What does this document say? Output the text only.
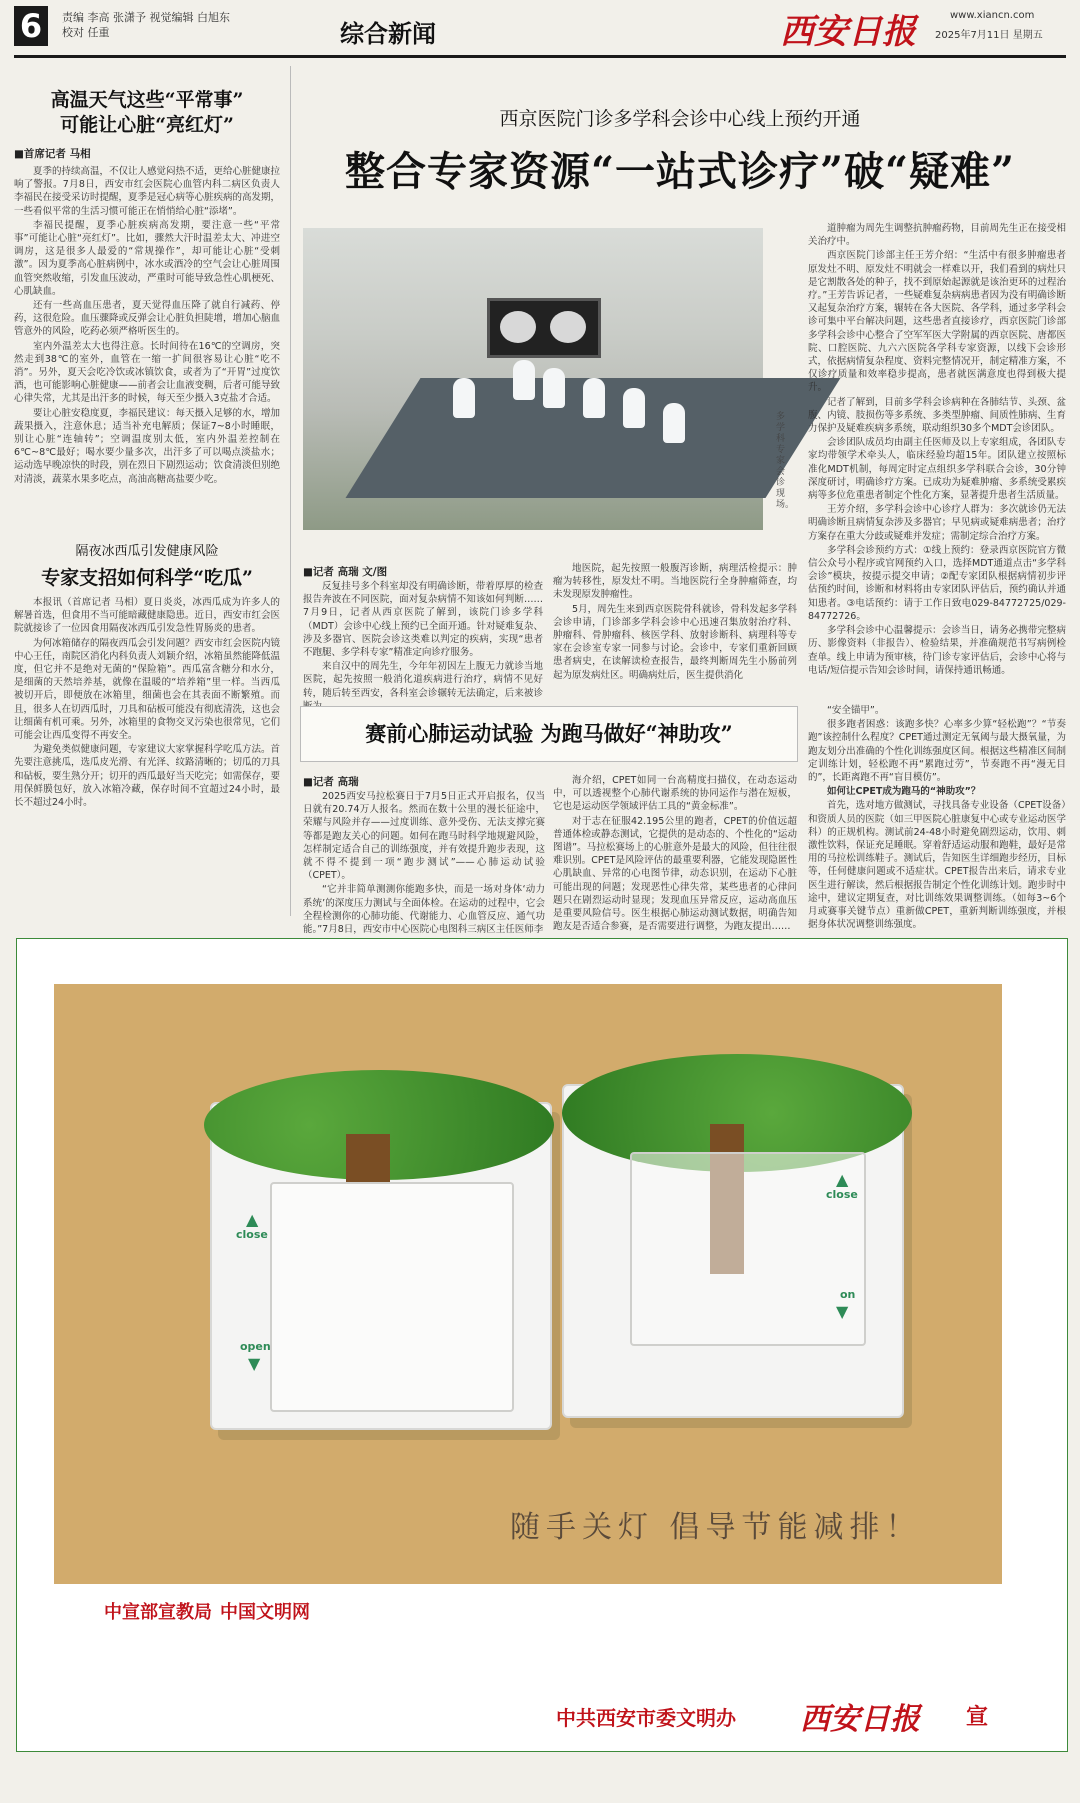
6	责编 李高 张潇予 视觉编辑 白旭东
校对 任重	综合新闻	西安日报	www.xiancn.com
2025年7月11日 星期五
高温天气这些“平常事”
可能让心脏“亮红灯”
■首席记者 马相

夏季的持续高温，不仅让人感觉闷热不适，更给心脏健康拉响了警报。7月8日，西安市红会医院心血管内科二病区负责人李福民在接受采访时提醒，夏季是冠心病等心脏疾病的高发期，一些看似平常的生活习惯可能正在悄悄给心脏“添堵”。

李福民提醒，夏季心脏疾病高发期，要注意一些“平常事”可能让心脏“亮红灯”。比如，骤然大汗时温差太大、冲进空调房，这是很多人最爱的“常规操作”，却可能让心脏“受刺激”。因为夏季高心脏病例中，冰水或酒冷的空气会让心脏周围血管突然收缩，引发血压波动，严重时可能导致急性心肌梗死、心肌缺血。

还有一些高血压患者，夏天觉得血压降了就自行减药、停药，这很危险。血压骤降或反弹会让心脏负担陡增，增加心脑血管意外的风险，吃药必须严格听医生的。

室内外温差太大也得注意。长时间待在16℃的空调房，突然走到38℃的室外，血管在一缩一扩间很容易让心脏“吃不消”。另外，夏天会吃冷饮或冰镇饮食，或者为了“开胃”过度饮酒，也可能影响心脏健康——前者会让血液变稠，后者可能导致心律失常，尤其是出汗多的时候，每天至少摄入3克盐才合适。

要让心脏安稳度夏，李福民建议：每天摄入足够的水，增加蔬果摄入，注意休息；适当补充电解质；保证7~8小时睡眠，别让心脏“连轴转”；空调温度别太低，室内外温差控制在6℃~8℃最好；喝水要少量多次，出汗多了可以喝点淡盐水；运动选早晚凉快的时段，别在烈日下剧烈运动；饮食清淡但别绝对清淡，蔬菜水果多吃点，高油高糖高盐要少吃。

隔夜冰西瓜引发健康风险
专家支招如何科学“吃瓜”

本报讯（首席记者 马相）夏日炎炎，冰西瓜成为许多人的解暑首选，但食用不当可能暗藏健康隐患。近日，西安市红会医院就接诊了一位因食用隔夜冰西瓜引发急性胃肠炎的患者。

为何冰箱储存的隔夜西瓜会引发问题？西安市红会医院内镜中心王任，南院区消化内科负责人刘颖介绍，冰箱虽然能降低温度，但它并不是绝对无菌的“保险箱”。西瓜富含糖分和水分，是细菌的天然培养基，就像在温暖的“培养箱”里一样。当西瓜被切开后，即便放在冰箱里，细菌也会在其表面不断繁殖。而且，很多人在切西瓜时，刀具和砧板可能没有彻底清洗，这也会让细菌有机可乘。另外，冰箱里的食物交叉污染也很常见，它们可能会让西瓜变得不再安全。

为避免类似健康问题，专家建议大家掌握科学吃瓜方法。首先要注意挑瓜，选瓜皮光滑、有光泽、纹路清晰的；切瓜的刀具和砧板，要生熟分开；切开的西瓜最好当天吃完；如需保存，要用保鲜膜包好，放入冰箱冷藏，保存时间不宜超过24小时，最长不超过24小时。

西京医院门诊多学科会诊中心线上预约开通
整合专家资源“一站式诊疗”破“疑难”
多学科专家会诊现场。
■记者 高瑞 文/图

反复挂号多个科室却没有明确诊断，带着厚厚的检查报告奔波在不同医院，面对复杂病情不知该如何判断……7月9日，记者从西京医院了解到，该院门诊多学科（MDT）会诊中心线上预约已全面开通。针对疑难复杂、涉及多器官、医院会诊这类难以判定的疾病，实现“患者不跑腿、多学科专家”精准定向诊疗服务。

来自汉中的周先生，今年年初因左上腹无力就诊当地医院，起先按照一般消化道疾病进行治疗，病情不见好转，随后转至西安，各科室会诊辗转无法确定，后来被诊

地医院，起先按照一般腹泻诊断，病理活检提示：肿瘤为转移性，原发灶不明。当地医院行全身肿瘤筛查，均未发现原发肿瘤性。

5月，周先生来到西京医院骨科就诊，骨科发起多学科会诊申请，门诊部多学科会诊中心迅速召集放射治疗科、肿瘤科、骨肿瘤科、核医学科、放射诊断科、病理科等专家在会诊室专家一同参与讨论。会诊中，专家们重新回顾患者病史，在读解读检查报告，最终判断周先生小肠前列起为原发病灶区。明确病灶后，医生提供消化

道肿瘤为周先生调整抗肿瘤药物，目前周先生正在接受相关治疗中。

西京医院门诊部主任王芳介绍：“生活中有很多肿瘤患者原发灶不明、原发灶不明就会一样难以开，我们看到的病灶只是它割散各处的种子，找不到原始起源就是该治更环的过程治疗。”王芳告诉记者，一些疑难复杂病病患者因为没有明确诊断又起复杂治疗方案，辗转在各大医院、各学科，通过多学科会诊可集中平台解决问题，这些患者直接诊疗，西京医院门诊部多学科会诊中心整合了空军军医大学附属的西京医院、唐都医院、口腔医院、九六六医院各学科专家资源，以线下会诊形式，依据病情复杂程度、资料完整情况开，制定精准方案，不仅诊疗质量和效率稳步提高，患者就医满意度也得到极大提升。

记者了解到，目前多学科会诊病种在各肺结节、头颈、盆腹、内镜、肢损伤等多系统、多类型肿瘤、间质性肺病、生育力保护及疑难疾病多系统，联动组织30多个MDT会诊团队。

会诊团队成员均由副主任医师及以上专家组成，各团队专家均带领学术牵头人，临床经验均超15年。团队建立按照标准化MDT机制，每周定时定点组织多学科联合会诊，30分钟深度研讨，明确诊疗方案。已成功为疑难肿瘤、多系统受累疾病等多位危重患者制定个性化方案，显著提升患者生活质量。

王芳介绍，多学科会诊中心诊疗人群为：多次就诊仍无法明确诊断且病情复杂涉及多器官；早见病或疑难病患者；治疗方案存在重大分歧或疑难并发症；需制定综合治疗方案。

多学科会诊预约方式：①线上预约：登录西京医院官方微信公众号小程序或官网预约入口，选择MDT通道点击“多学科会诊”模块，按提示提交申请；②配专家团队根据病情初步评估预约时间，诊断和材料将由专家团队评估后，预约确认并通知患者。③电话预约：请于工作日致电029-84772725/029-84772726。

多学科会诊中心温馨提示：会诊当日，请务必携带完整病历、影像资料（非报告）、检验结果，并准确规范书写病例检查单。线上申请为预审核，待门诊专家评估后，会诊中心将与电话/短信提示告知会诊时间，请保持通讯畅通。

赛前心肺运动试验 为跑马做好“神助攻”
■记者 高瑞

2025西安马拉松赛日于7月5日正式开启报名，仅当日就有20.74万人报名。然而在数十公里的漫长征途中，荣耀与风险并存——过度训练、意外受伤、无法支撑完赛等都是跑友关心的问题。如何在跑马时科学地规避风险，怎样制定适合自己的训练强度，并有效提升跑步表现，这就不得不提到一项“跑步测试”——心肺运动试验（CPET）。

“它并非简单测测你能跑多快，而是一场对身体‘动力系统’的深度压力测试与全面体检。在运动的过程中，它会全程检测你的心肺功能、代谢能力、心血管反应、通气功能。”7月8日，西安市中心医院心电图科三病区主任医师李

海介绍，CPET如同一台高精度扫描仪，在动态运动中，可以透视整个心肺代谢系统的协同运作与潜在短板，它也是运动医学领域评估工具的“黄金标准”。

对于志在征服42.195公里的跑者，CPET的价值远超普通体检或静态测试，它提供的是动态的、个性化的“运动图谱”。马拉松赛场上的心脏意外是最大的风险，但往往很难识别。CPET是风险评估的最重要利器，它能发现隐匿性心肌缺血、异常的心电图节律，动态识别，在运动下心脏可能出现的问题；发现恶性心律失常，某些患者的心律问题只在剧烈运动时显现；发现血压异常反应，运动高血压是重要风险信号。医生根据心肺运动测试数据，明确告知跑友是否适合参赛，是否需要进行调整，为跑友提出……

“安全锚甲”。

很多跑者困惑：该跑多快？心率多少算“轻松跑”？“节奏跑”该控制什么程度？CPET通过测定无氧阈与最大摄氧量，为跑友划分出准确的个性化训练强度区间。根据这些精准区间制定训练计划，轻松跑不再“累跑过劳”，节奏跑不再“漫无目的”，长距离跑不再“盲目模仿”。

如何让CPET成为跑马的“神助攻”？

首先，选对地方做测试，寻找具备专业设备（CPET设备）和资质人员的医院（如三甲医院心脏康复中心或专业运动医学科）的正规机构。测试前24-48小时避免剧烈运动，饮用、刺激性饮料，保证充足睡眠。穿着舒适运动服和跑鞋，最好是常用的马拉松训练鞋子。测试后，告知医生详细跑步经历，目标等，任何健康问题或不适症状。CPET报告出来后，请求专业医生进行解读，然后根据报告制定个性化训练计划。跑步时中途中，建议定期复查，对比训练效果调整训练。（如每3~6个月或赛事关键节点）重新做CPET，重新判断训练强度，并根据身体状况调整训练强度。

▲
close
open
▼
▲
close
on
▼
随手关灯 倡导节能减排！
中宣部宣教局 中国文明网
中共西安市委文明办 西安日报 宣
